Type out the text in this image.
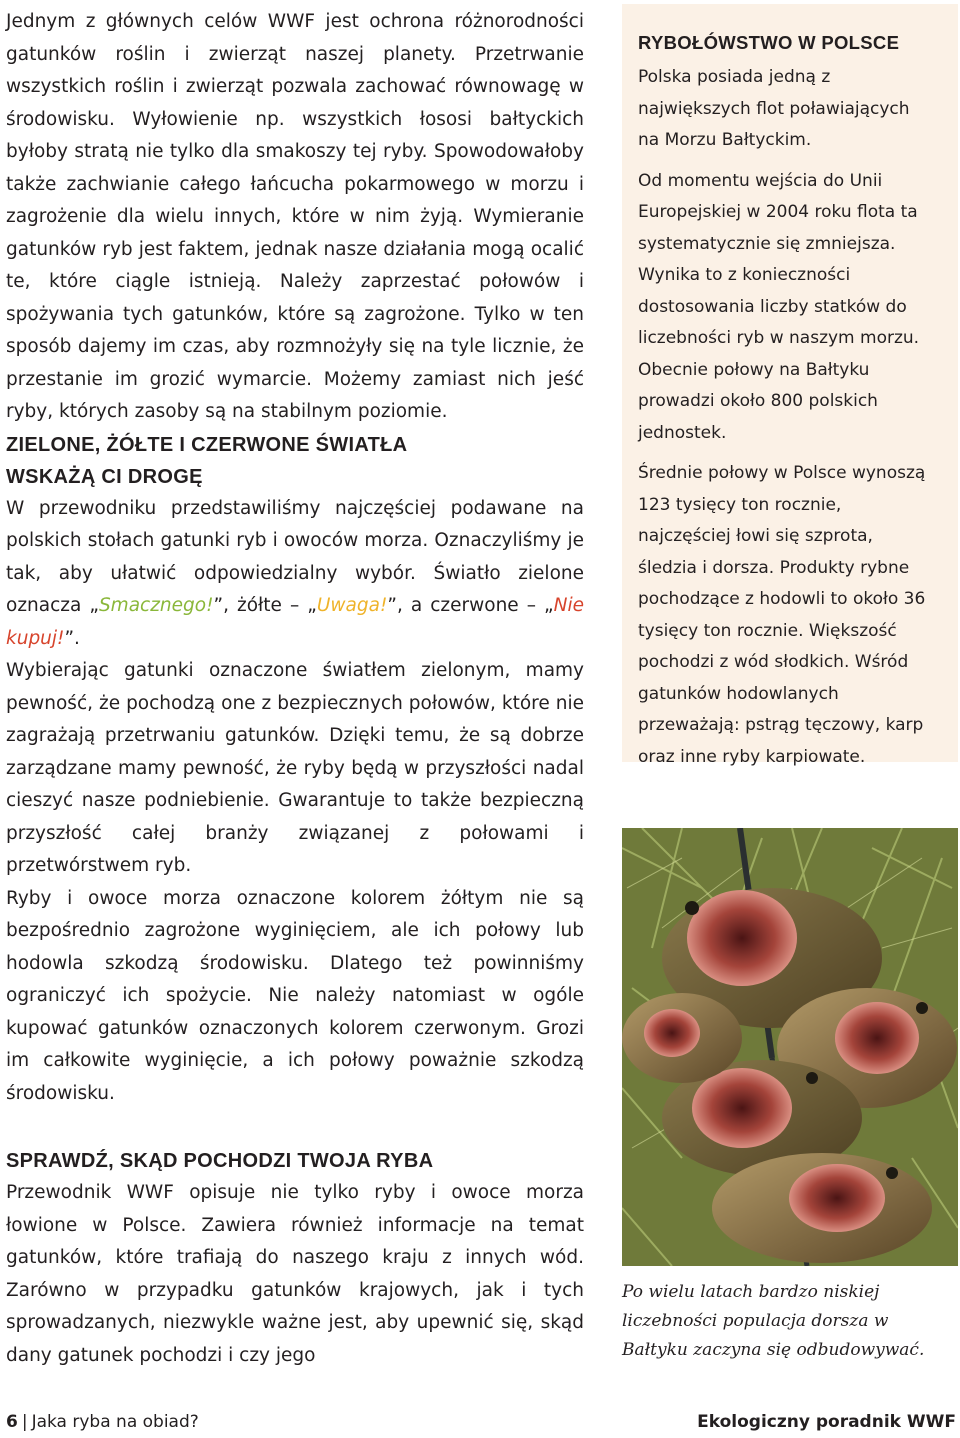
Jednym z głównych celów WWF jest ochrona różnorodności gatunków roślin i zwierząt naszej planety. Przetrwanie wszystkich roślin i zwierząt pozwala zachować równowagę w środowisku. Wyłowienie np. wszystkich łososi bałtyckich byłoby stratą nie tylko dla smakoszy tej ryby. Spowodowałoby także zachwianie całego łańcucha pokarmowego w morzu i zagrożenie dla wielu innych, które w nim żyją. Wymieranie gatunków ryb jest faktem, jednak nasze działania mogą ocalić te, które ciągle istnieją. Należy zaprzestać połowów i spożywania tych gatunków, które są zagrożone. Tylko w ten sposób dajemy im czas, aby rozmnożyły się na tyle licznie, że przestanie im grozić wymarcie. Możemy zamiast nich jeść ryby, których zasoby są na stabilnym poziomie.

ZIELONE, ŻÓŁTE I CZERWONE ŚWIATŁA
WSKAŻĄ CI DROGĘ

W przewodniku przedstawiliśmy najczęściej podawane na polskich stołach gatunki ryb i owoców morza. Oznaczyliśmy je tak, aby ułatwić odpowiedzialny wybór. Światło zielone oznacza „Smacznego!”, żółte – „Uwaga!”, a czerwone – „Nie kupuj!”.

Wybierając gatunki oznaczone światłem zielonym, mamy pewność, że pochodzą one z bezpiecznych połowów, które nie zagrażają przetrwaniu gatunków. Dzięki temu, że są dobrze zarządzane mamy pewność, że ryby będą w przyszłości nadal cieszyć nasze podniebienie. Gwarantuje to także bezpieczną przyszłość całej branży związanej z połowami i przetwórstwem ryb.

Ryby i owoce morza oznaczone kolorem żółtym nie są bezpośrednio zagrożone wyginięciem, ale ich połowy lub hodowla szkodzą środowisku. Dlatego też powinniśmy ograniczyć ich spożycie. Nie należy natomiast w ogóle kupować gatunków oznaczonych kolorem czerwonym. Grozi im całkowite wyginięcie, a ich połowy poważnie szkodzą środowisku.

SPRAWDŹ, SKĄD POCHODZI TWOJA RYBA

Przewodnik WWF opisuje nie tylko ryby i owoce morza łowione w Polsce. Zawiera również informacje na temat gatunków, które trafiają do naszego kraju z innych wód. Zarówno w przypadku gatunków krajowych, jak i tych sprowadzanych, niezwykle ważne jest, aby upewnić się, skąd dany gatunek pochodzi i czy jego

RYBOŁÓWSTWO W POLSCE

Polska posiada jedną z największych flot poławiających na Morzu Bałtyckim.

Od momentu wejścia do Unii Europejskiej w 2004 roku flota ta systematycznie się zmniejsza. Wynika to z konieczności dostosowania liczby statków do liczebności ryb w naszym morzu. Obecnie połowy na Bałtyku prowadzi około 800 polskich jednostek.

Średnie połowy w Polsce wynoszą 123 tysięcy ton rocznie, najczęściej łowi się szprota, śledzia i dorsza. Produkty rybne pochodzące z hodowli to około 36 tysięcy ton rocznie. Większość pochodzi z wód słodkich. Wśród gatunków hodowlanych przeważają: pstrąg tęczowy, karp oraz inne ryby karpiowate.

Po wielu latach bardzo niskiej liczebności populacja dorsza w Bałtyku zaczyna się odbudowywać.
6 | Jaka ryba na obiad?	Ekologiczny poradnik WWF
